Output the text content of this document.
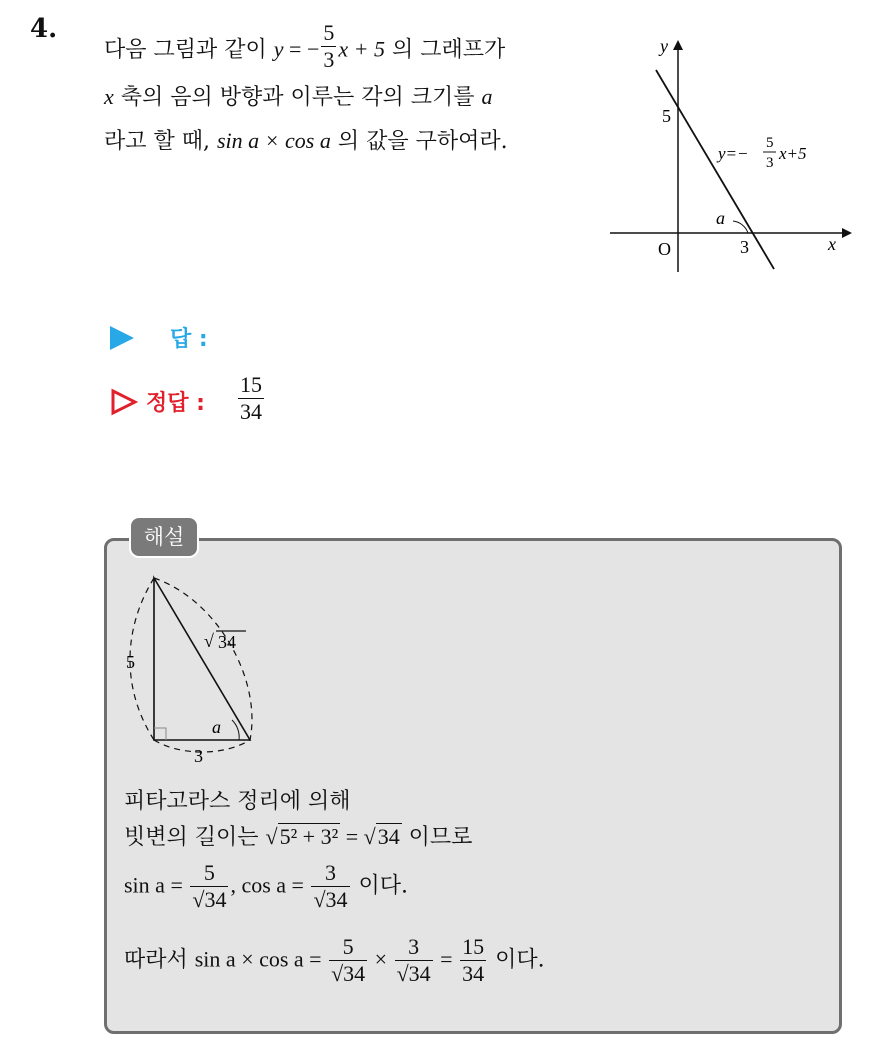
4.
다음 그림과 같이 y = − $\frac{5}{3}$ x + 5 의 그래프가
x 축의 음의 방향과 이루는 각의 크기를 a
라고 할 때, sin a × cos a 의 값을 구하여라.
y
x
O
5
3
a
y=−
5
3 x+5
답 :
정답 : $\frac{15}{34}$
해설
5
3
a
√ 34
피타고라스 정리에 의해
빗변의 길이는 √5² + 3² = √34 이므로
$\sin a = \frac{5}{√34}$ , $\cos a = \frac{3}{√34}$ 이다.
따라서 $\sin a \times \cos a = \frac{5}{√34} \times \frac{3}{√34} = \frac{15}{34}$ 이다.
